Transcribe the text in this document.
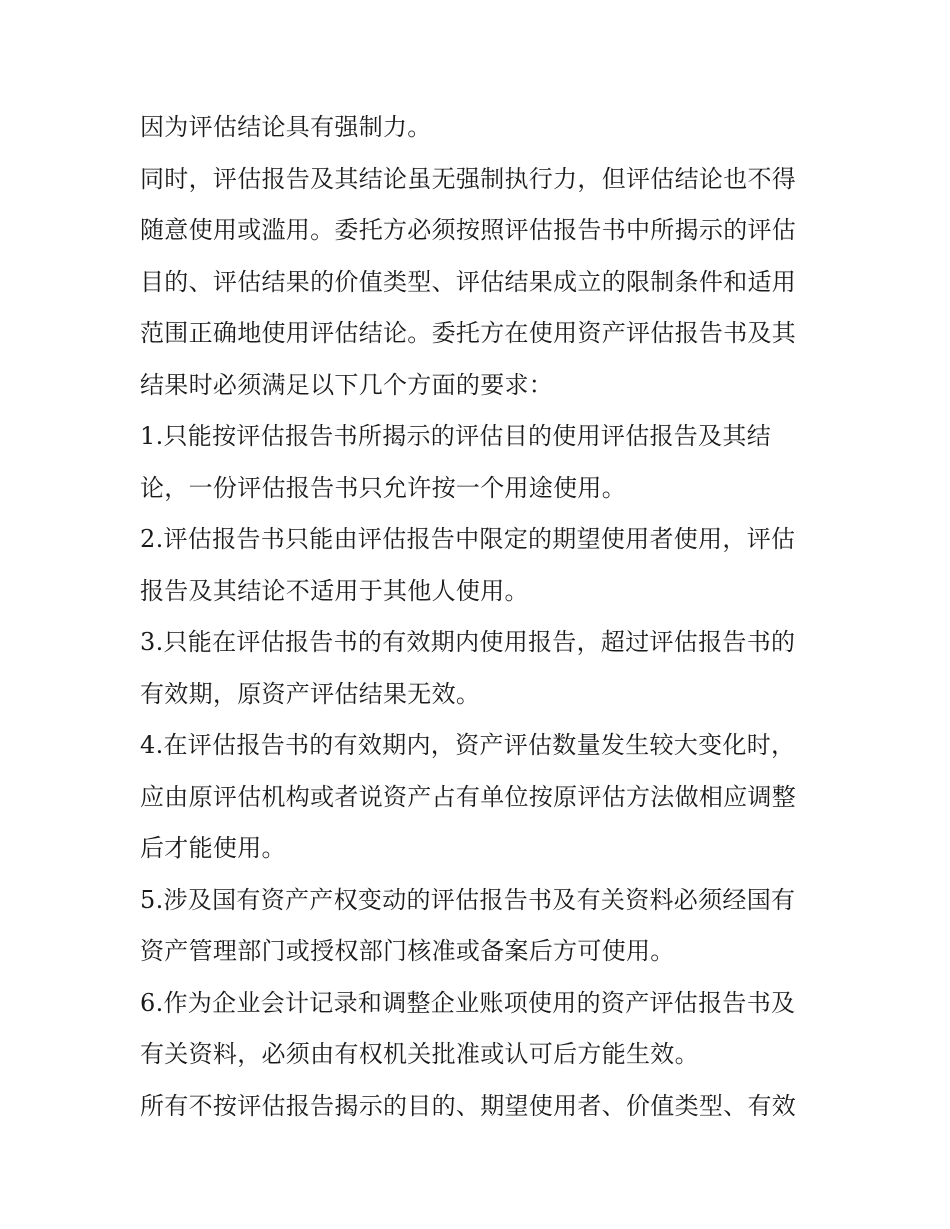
因为评估结论具有强制力。
同时，评估报告及其结论虽无强制执行力，但评估结论也不得
随意使用或滥用。委托方必须按照评估报告书中所揭示的评估
目的、评估结果的价值类型、评估结果成立的限制条件和适用
范围正确地使用评估结论。委托方在使用资产评估报告书及其
结果时必须满足以下几个方面的要求：
1.只能按评估报告书所揭示的评估目的使用评估报告及其结
论，一份评估报告书只允许按一个用途使用。
2.评估报告书只能由评估报告中限定的期望使用者使用，评估
报告及其结论不适用于其他人使用。
3.只能在评估报告书的有效期内使用报告，超过评估报告书的
有效期，原资产评估结果无效。
4.在评估报告书的有效期内，资产评估数量发生较大变化时，
应由原评估机构或者说资产占有单位按原评估方法做相应调整
后才能使用。
5.涉及国有资产产权变动的评估报告书及有关资料必须经国有
资产管理部门或授权部门核准或备案后方可使用。
6.作为企业会计记录和调整企业账项使用的资产评估报告书及
有关资料，必须由有权机关批准或认可后方能生效。
所有不按评估报告揭示的目的、期望使用者、价值类型、有效
